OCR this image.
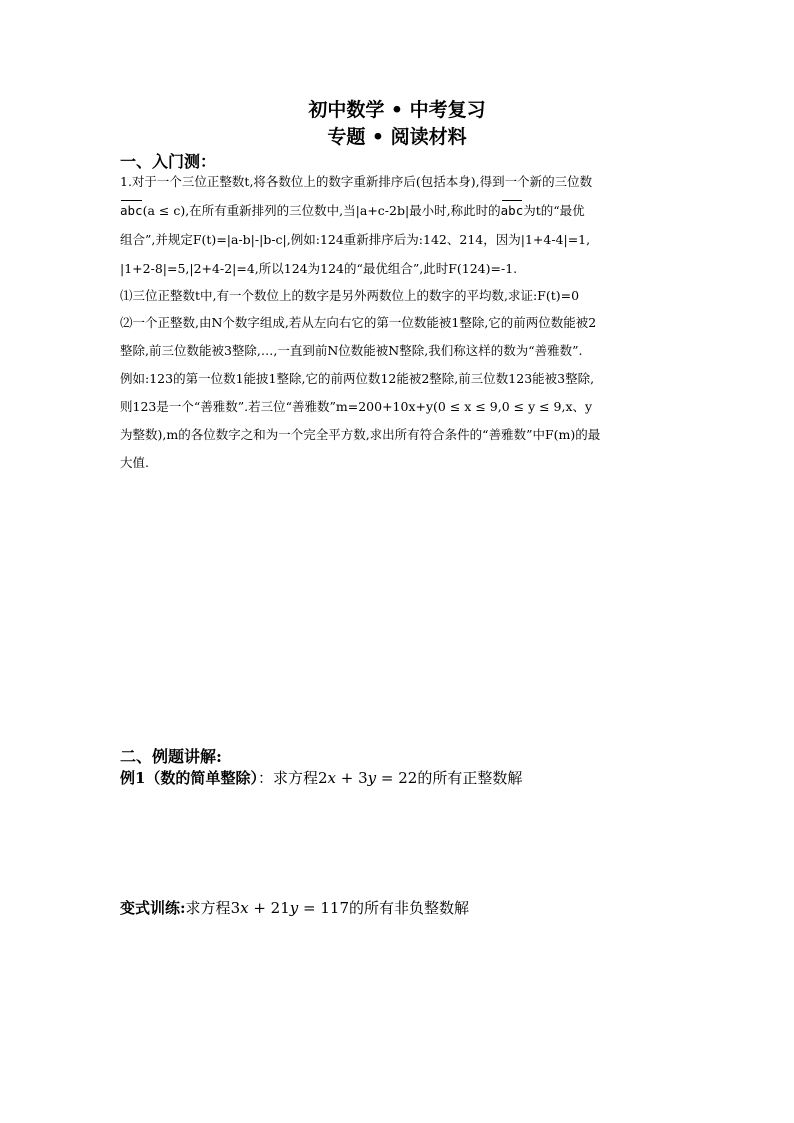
初中数学 • 中考复习
专题 • 阅读材料
一、入门测：
1.对于一个三位正整数t,将各数位上的数字重新排序后(包括本身),得到一个新的三位数
abc(a ≤ c),在所有重新排列的三位数中,当|a+c-2b|最小时,称此时的abc为t的“最优
组合”,并规定F(t)=|a-b|-|b-c|,例如:124重新排序后为:142、214，因为|1+4-4|=1,
|1+2-8|=5,|2+4-2|=4,所以124为124的“最优组合”,此时F(124)=-1.
⑴三位正整数t中,有一个数位上的数字是另外两数位上的数字的平均数,求证:F(t)=0
⑵一个正整数,由N个数字组成,若从左向右它的第一位数能被1整除,它的前两位数能被2
整除,前三位数能被3整除,…,一直到前N位数能被N整除,我们称这样的数为“善雅数”.
例如:123的第一位数1能披1整除,它的前两位数12能被2整除,前三位数123能被3整除,
则123是一个“善雅数”.若三位“善雅数”m=200+10x+y(0 ≤ x ≤ 9,0 ≤ y ≤ 9,x、y
为整数),m的各位数字之和为一个完全平方数,求出所有符合条件的“善雅数”中F(m)的最
大值.
二、例题讲解:
例1（数的简单整除）：求方程2x + 3y = 22的所有正整数解
变式训练:求方程3x + 21y = 117的所有非负整数解
